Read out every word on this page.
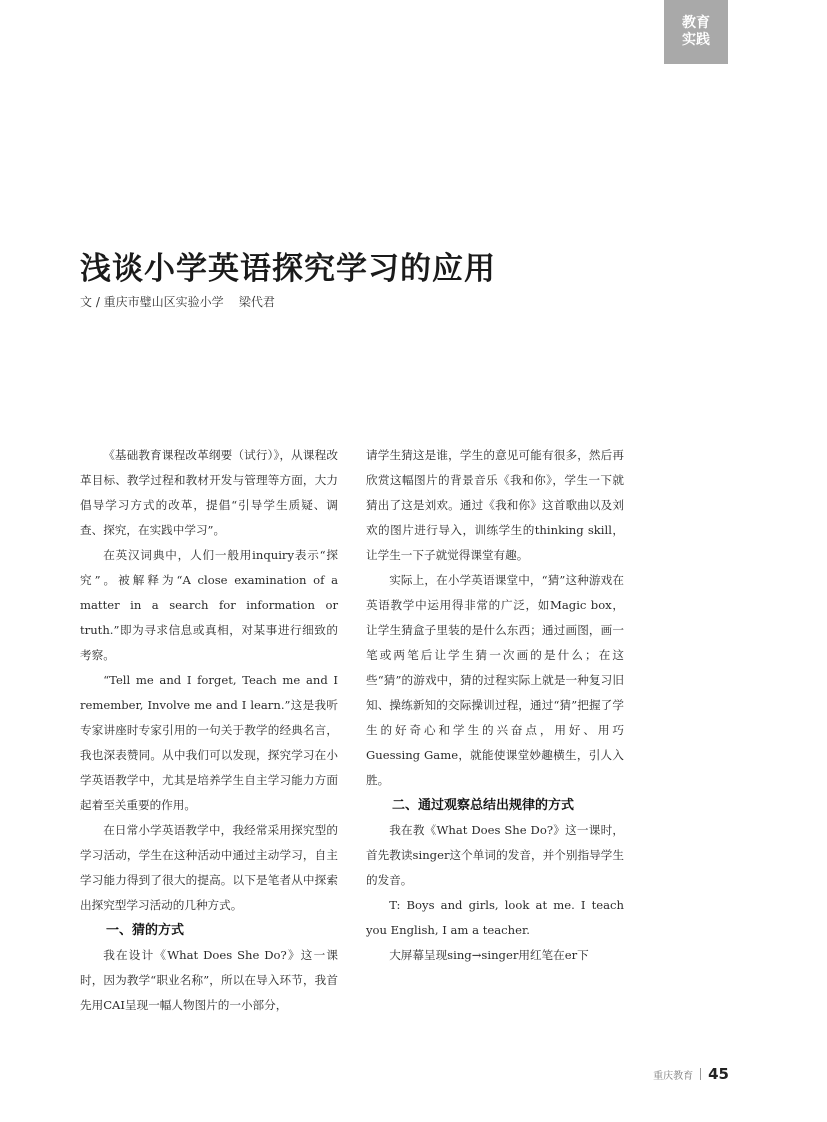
教育
实践
浅谈小学英语探究学习的应用
文 / 重庆市璧山区实验小学    梁代君

《基础教育课程改革纲要（试行）》，从课程改革目标、教学过程和教材开发与管理等方面，大力倡导学习方式的改革，提倡“引导学生质疑、调查、探究，在实践中学习”。

在英汉词典中，人们一般用inquiry表示“探究”。被解释为“A close examination of a matter in a search for information or truth.”即为寻求信息或真相，对某事进行细致的考察。

“Tell me and I forget, Teach me and I remember, Involve me and I learn.”这是我听专家讲座时专家引用的一句关于教学的经典名言，我也深表赞同。从中我们可以发现，探究学习在小学英语教学中，尤其是培养学生自主学习能力方面起着至关重要的作用。

在日常小学英语教学中，我经常采用探究型的学习活动，学生在这种活动中通过主动学习，自主学习能力得到了很大的提高。以下是笔者从中探索出探究型学习活动的几种方式。

一、猜的方式

我在设计《What Does She Do?》这一课时，因为教学“职业名称”，所以在导入环节，我首先用CAI呈现一幅人物图片的一小部分，

请学生猜这是谁，学生的意见可能有很多，然后再欣赏这幅图片的背景音乐《我和你》，学生一下就猜出了这是刘欢。通过《我和你》这首歌曲以及刘欢的图片进行导入，训练学生的thinking skill，让学生一下子就觉得课堂有趣。

实际上，在小学英语课堂中，“猜”这种游戏在英语教学中运用得非常的广泛，如Magic box，让学生猜盒子里装的是什么东西；通过画图，画一笔或两笔后让学生猜一次画的是什么；在这些“猜”的游戏中，猜的过程实际上就是一种复习旧知、操练新知的交际操训过程，通过“猜”把握了学生的好奇心和学生的兴奋点，用好、用巧Guessing Game，就能使课堂妙趣横生，引人入胜。

二、通过观察总结出规律的方式

我在教《What Does She Do?》这一课时，首先教读singer这个单词的发音，并个别指导学生的发音。

T: Boys and girls, look at me. I teach you English, I am a teacher.

大屏幕呈现sing→singer用红笔在er下

重庆教育 45
